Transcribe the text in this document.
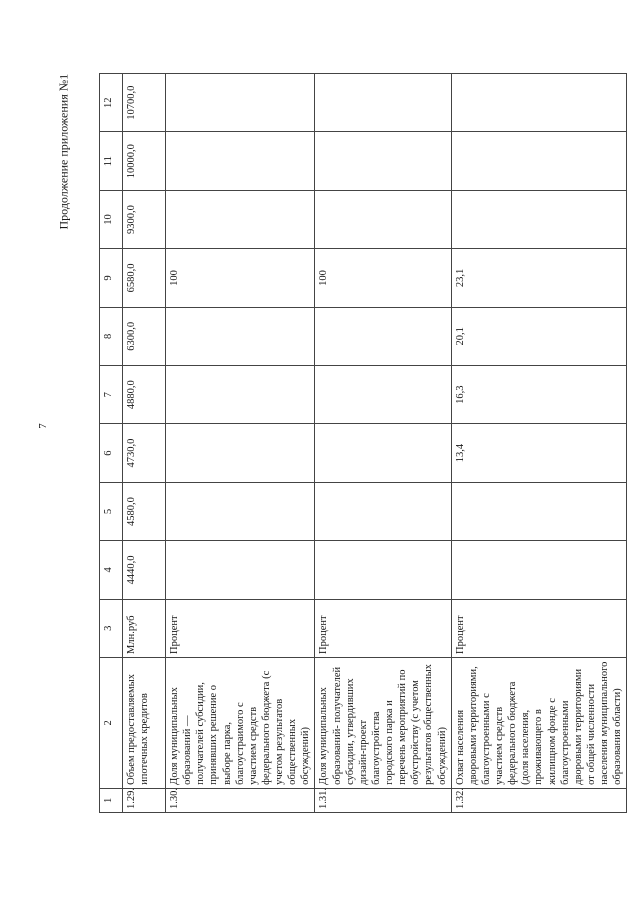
7
Продолжение приложения №1
1	2	3	4	5	6	7	8	9	10	11	12
1.29.	Объем предоставляемых ипотечных кредитов	Млн.руб	4440,0	4580,0	4730,0	4880,0	6300,0	6580,0	9300,0	10000,0	10700,0
1.30.	Доля муниципальных образований — получателей субсидии, принявших решение о выборе парка, благоустраимого с участием средств федерального бюджета (с учетом результатов общественных обсуждений)	Процент						100			
1.31.	Доля муниципальных образований- получателей субсидии, утвердивших дизайн-проект благоустройства городского парка и перечень мероприятий по обустройству (с учетом результатов общественных обсуждений)	Процент						100			
1.32.	Охват населения дворовыми территориями, благоустроенными с участием средств федерального бюджета (доля населения, проживающего в жилищном фонде с благоустроенными дворовыми территориями от общей численности населения муниципального образования области)	Процент			13,4	16,3	20,1	23,1			
